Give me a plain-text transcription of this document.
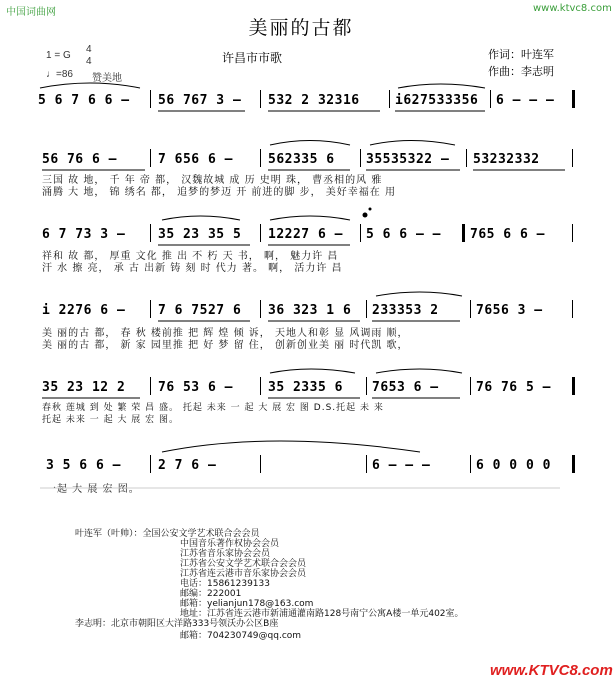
中国词曲网	www.ktvc8.com
美丽的古都
许昌市市歌	作词：叶连军
作曲：李志明
1 = G
4
4
♩=86 赞美地
5 6 7 6 6 – 56 767 3 – 532 2 32316	i627533356 6 – – –
56 76 6 –	7 656 6 –	562335 6 35535322 – 53232332
三国 故 地， 千 年 帝 都， 汉魏故城 成 历 史明 珠， 曹丞相的风 雅
涌腾 大 地， 锦 绣名 都， 追梦的梦迈 开 前进的脚 步， 美好幸福在 用
6 7 73 3 –	35 23 35 5 12227 6 – 5 6 6 – – 765 6 6 –
祥和 故 都， 厚重 文化 推 出 不 朽 天 书， 啊， 魅力许 昌
汗 水 擦 亮， 承 古 出新 铸 刻 时 代力 著。 啊， 活力许 昌
i 2276 6 –	7 6 7527 6 36 323 1 6 233353 2	7656 3 –
美 丽的古 都， 春 秋 楼前推 把 辉 煌 倾 诉， 天地人和彰 显 风调雨 顺，
美 丽的古 都， 新 家 园里推 把 好 梦 留 住， 创新创业美 丽 时代凯 歌，
35 23 12 2	76 53 6 –	35 2335 6 7653 6 –	76 76 5 –
春秋 莲城 到 处 繁 荣 昌 盛。 托起 未来 一 起 大 展 宏 图 D.S.托起 未 来
托起 未来 一 起 大 展 宏 图。
3 5 6 6 –	2 7 6 –	6 – – –	6 0 0 0 0
一起 大 展 宏 图。
叶连军（叶帅）：全国公安文学艺术联合会会员
中国音乐著作权协会会员
江苏省音乐家协会会员
江苏省公安文学艺术联合会会员
江苏省连云港市音乐家协会会员
电话：15861239133
邮编：222001
邮箱：yelianjun178@163.com
地址：江苏省连云港市新浦通灌南路128号南宁公寓A楼一单元402室。
李志明：北京市朝阳区大洋路333号领沃办公区B座
邮箱：704230749@qq.com
www.KTVC8.com
